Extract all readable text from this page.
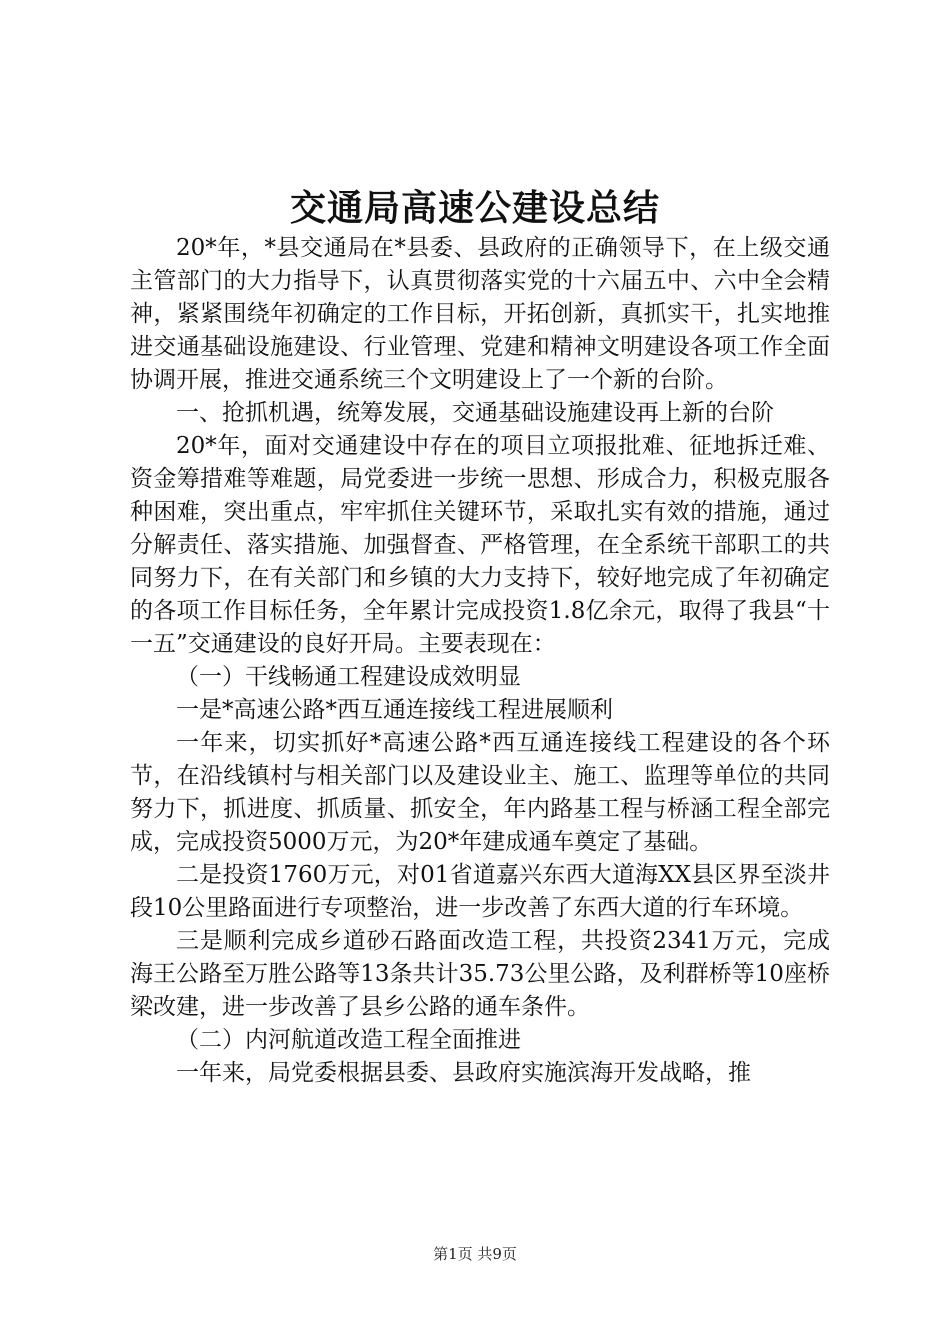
交通局高速公建设总结

20*年，*县交通局在*县委、县政府的正确领导下，在上级交通主管部门的大力指导下，认真贯彻落实党的十六届五中、六中全会精神，紧紧围绕年初确定的工作目标，开拓创新，真抓实干，扎实地推进交通基础设施建设、行业管理、党建和精神文明建设各项工作全面协调开展，推进交通系统三个文明建设上了一个新的台阶。

一、抢抓机遇，统筹发展，交通基础设施建设再上新的台阶

20*年，面对交通建设中存在的项目立项报批难、征地拆迁难、资金筹措难等难题，局党委进一步统一思想、形成合力，积极克服各种困难，突出重点，牢牢抓住关键环节，采取扎实有效的措施，通过分解责任、落实措施、加强督查、严格管理，在全系统干部职工的共同努力下，在有关部门和乡镇的大力支持下，较好地完成了年初确定的各项工作目标任务，全年累计完成投资1.8亿余元，取得了我县“十一五”交通建设的良好开局。主要表现在：

（一）干线畅通工程建设成效明显

一是*高速公路*西互通连接线工程进展顺利

一年来，切实抓好*高速公路*西互通连接线工程建设的各个环节，在沿线镇村与相关部门以及建设业主、施工、监理等单位的共同努力下，抓进度、抓质量、抓安全，年内路基工程与桥涵工程全部完成，完成投资5000万元，为20*年建成通车奠定了基础。

二是投资1760万元，对01省道嘉兴东西大道海XX县区界至淡井段10公里路面进行专项整治，进一步改善了东西大道的行车环境。

三是顺利完成乡道砂石路面改造工程，共投资2341万元，完成海王公路至万胜公路等13条共计35.73公里公路，及利群桥等10座桥梁改建，进一步改善了县乡公路的通车条件。

（二）内河航道改造工程全面推进

一年来，局党委根据县委、县政府实施滨海开发战略，推

第1页 共9页
